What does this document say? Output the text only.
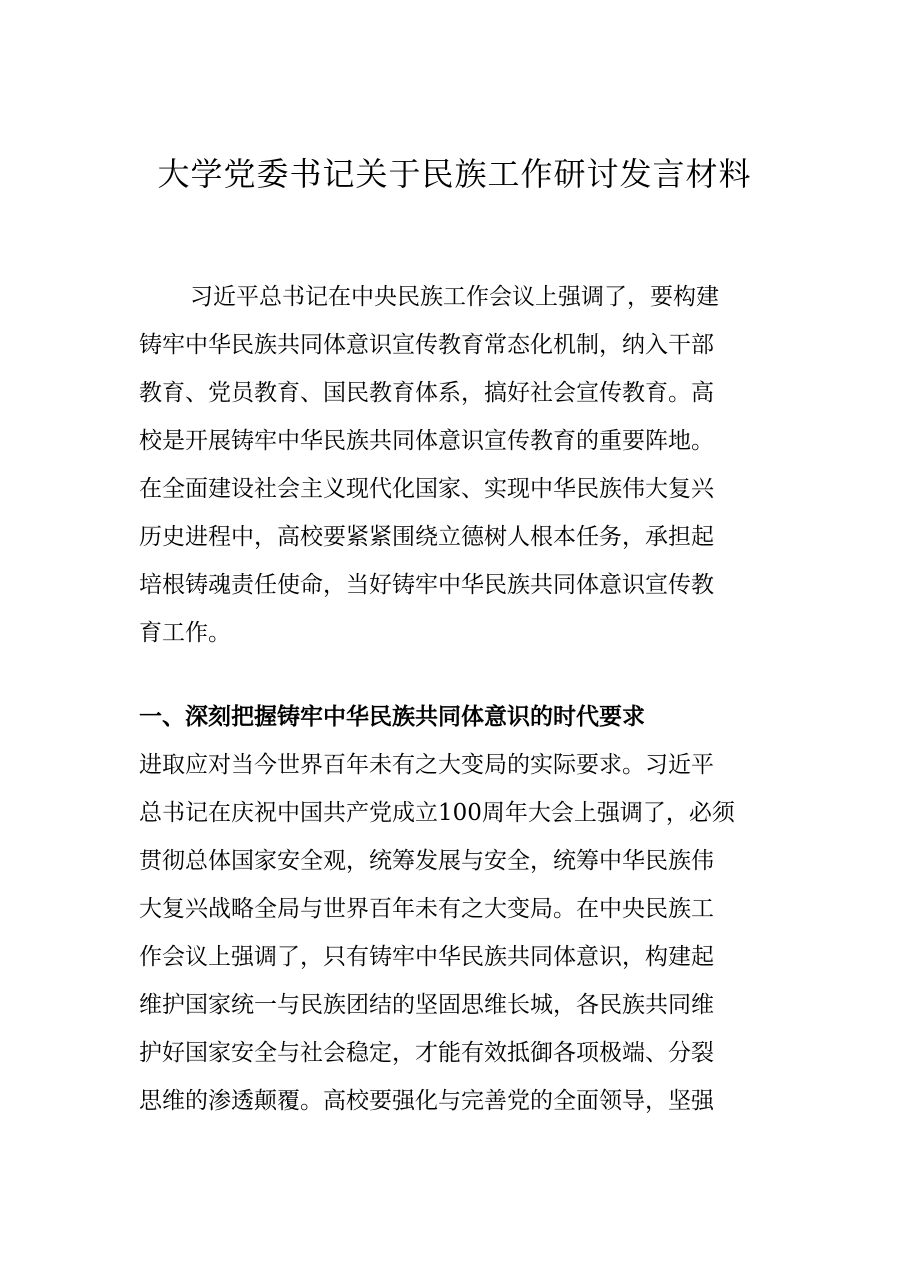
大学党委书记关于民族工作研讨发言材料
习近平总书记在中央民族工作会议上强调了，要构建
铸牢中华民族共同体意识宣传教育常态化机制，纳入干部
教育、党员教育、国民教育体系，搞好社会宣传教育。高
校是开展铸牢中华民族共同体意识宣传教育的重要阵地。
在全面建设社会主义现代化国家、实现中华民族伟大复兴
历史进程中，高校要紧紧围绕立德树人根本任务，承担起
培根铸魂责任使命，当好铸牢中华民族共同体意识宣传教
育工作。
一、深刻把握铸牢中华民族共同体意识的时代要求
进取应对当今世界百年未有之大变局的实际要求。习近平
总书记在庆祝中国共产党成立100周年大会上强调了，必须
贯彻总体国家安全观，统筹发展与安全，统筹中华民族伟
大复兴战略全局与世界百年未有之大变局。在中央民族工
作会议上强调了，只有铸牢中华民族共同体意识，构建起
维护国家统一与民族团结的坚固思维长城，各民族共同维
护好国家安全与社会稳定，才能有效抵御各项极端、分裂
思维的渗透颠覆。高校要强化与完善党的全面领导，坚强
